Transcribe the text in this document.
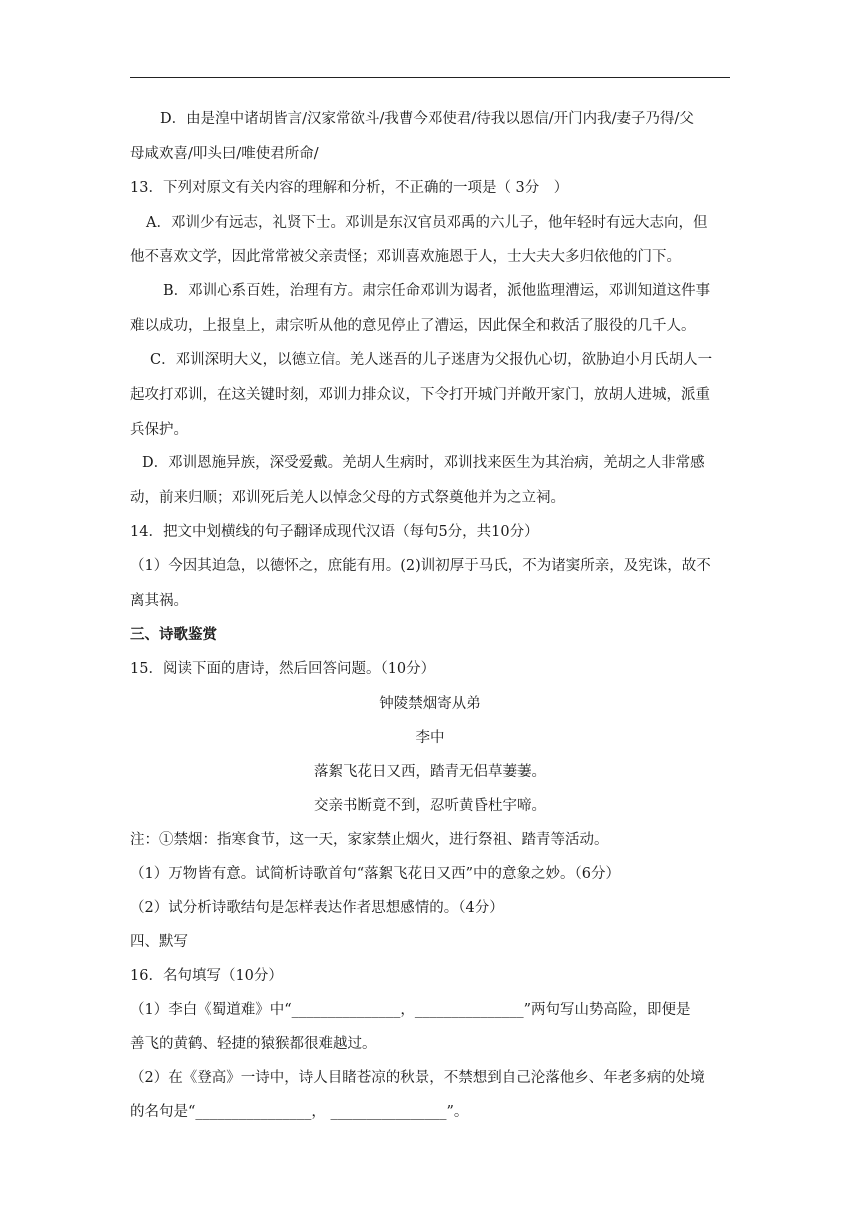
D．由是湟中诸胡皆言/汉家常欲斗/我曹今邓使君/待我以恩信/开门内我/妻子乃得/父
母咸欢喜/叩头曰/唯使君所命/
13．下列对原文有关内容的理解和分析，不正确的一项是（ 3分　）
A．邓训少有远志，礼贤下士。邓训是东汉官员邓禹的六儿子，他年轻时有远大志向，但
他不喜欢文学，因此常常被父亲责怪；邓训喜欢施恩于人，士大夫大多归依他的门下。
B．邓训心系百姓，治理有方。肃宗任命邓训为谒者，派他监理漕运，邓训知道这件事
难以成功，上报皇上，肃宗听从他的意见停止了漕运，因此保全和救活了服役的几千人。
C．邓训深明大义，以德立信。羌人迷吾的儿子迷唐为父报仇心切，欲胁迫小月氏胡人一
起攻打邓训，在这关键时刻，邓训力排众议，下令打开城门并敞开家门，放胡人进城，派重
兵保护。
D．邓训恩施异族，深受爱戴。羌胡人生病时，邓训找来医生为其治病，羌胡之人非常感
动，前来归顺；邓训死后羌人以悼念父母的方式祭奠他并为之立祠。
14．把文中划横线的句子翻译成现代汉语（每句5分，共10分）
（1）今因其迫急，以德怀之，庶能有用。(2)训初厚于马氏，不为诸窦所亲，及宪诛，故不
离其祸。
三、诗歌鉴赏
15．阅读下面的唐诗，然后回答问题。（10分）
钟陵禁烟寄从弟
李中
落絮飞花日又西，踏青无侣草萋萋。
交亲书断竟不到，忍听黄昏杜宇啼。
注：①禁烟：指寒食节，这一天，家家禁止烟火，进行祭祖、踏青等活动。
（1）万物皆有意。试简析诗歌首句“落絮飞花日又西”中的意象之妙。（6分）
（2）试分析诗歌结句是怎样表达作者思想感情的。（4分）
四、默写
16．名句填写（10分）
（1）李白《蜀道难》中“_______________，_______________”两句写山势高险，即便是
善飞的黄鹤、轻捷的猿猴都很难越过。
（2）在《登高》一诗中，诗人目睹苍凉的秋景，不禁想到自己沦落他乡、年老多病的处境
的名句是“________________， ________________”。
